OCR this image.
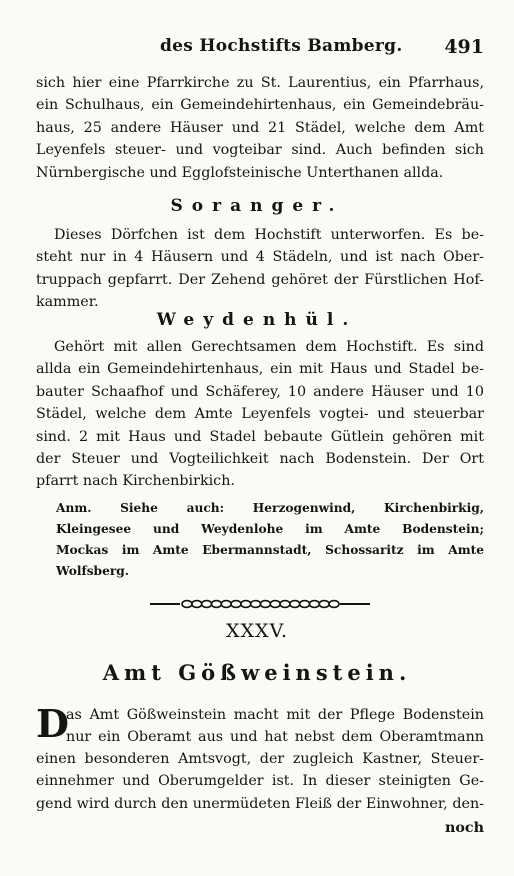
des Hochstifts Bamberg. 491
sich hier eine Pfarrkirche zu St. Laurentius, ein Pfarrhaus,
ein Schulhaus, ein Gemeindehirtenhaus, ein Gemeindebräu-
haus, 25 andere Häuser und 21 Städel, welche dem Amt
Leyenfels steuer- und vogteibar sind. Auch befinden sich
Nürnbergische und Egglofsteinische Unterthanen allda.
Soranger.
Dieses Dörfchen ist dem Hochstift unterworfen. Es be-
steht nur in 4 Häusern und 4 Städeln, und ist nach Ober-
truppach gepfarrt. Der Zehend gehöret der Fürstlichen Hof-
kammer.
Weydenhül.
Gehört mit allen Gerechtsamen dem Hochstift. Es sind
allda ein Gemeindehirtenhaus, ein mit Haus und Stadel be-
bauter Schaafhof und Schäferey, 10 andere Häuser und 10
Städel, welche dem Amte Leyenfels vogtei- und steuerbar
sind. 2 mit Haus und Stadel bebaute Gütlein gehören mit
der Steuer und Vogteilichkeit nach Bodenstein. Der Ort
pfarrt nach Kirchenbirkich.
Anm. Siehe auch: Herzogenwind, Kirchenbirkig,
Kleingesee und Weydenlohe im Amte Bodenstein;
Mockas im Amte Ebermannstadt, Schossaritz im Amte
Wolfsberg.
XXXV.
Amt Gößweinstein.
D
as Amt Gößweinstein macht mit der Pflege Bodenstein
nur ein Oberamt aus und hat nebst dem Oberamtmann
einen besonderen Amtsvogt, der zugleich Kastner, Steuer-
einnehmer und Oberumgelder ist. In dieser steinigten Ge-
gend wird durch den unermüdeten Fleiß der Einwohner, den-
noch
